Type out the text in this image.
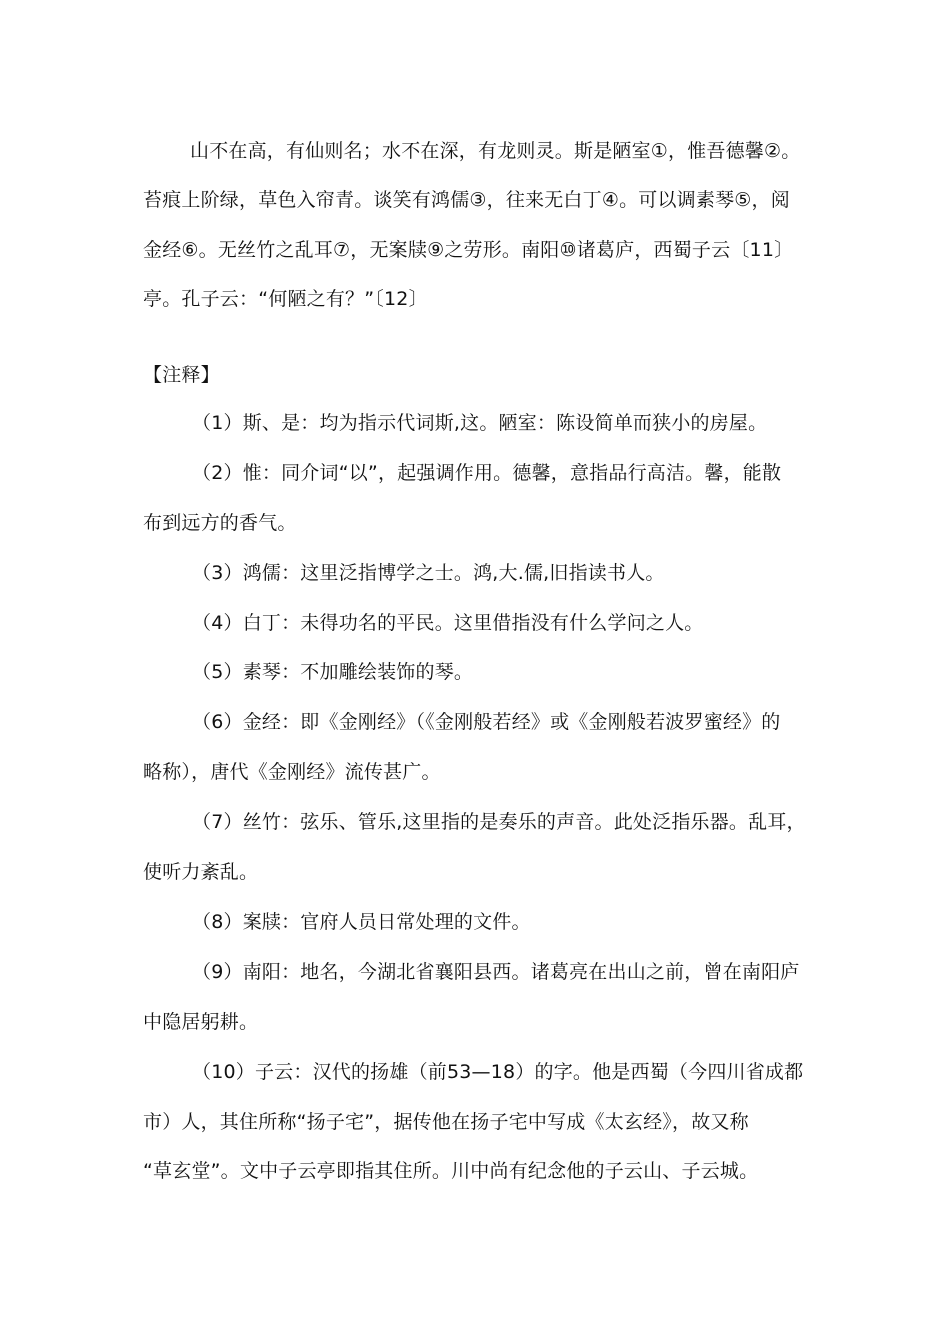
山不在高，有仙则名；水不在深，有龙则灵。斯是陋室①，惟吾德馨②。
苔痕上阶绿，草色入帘青。谈笑有鸿儒③，往来无白丁④。可以调素琴⑤，阅
金经⑥。无丝竹之乱耳⑦，无案牍⑨之劳形。南阳⑩诸葛庐，西蜀子云〔11〕
亭。孔子云：“何陋之有？”〔12〕
【注释】
（1）斯、是：均为指示代词斯,这。陋室：陈设简单而狭小的房屋。
（2）惟：同介词“以”，起强调作用。德馨，意指品行高洁。馨，能散
布到远方的香气。
（3）鸿儒：这里泛指博学之士。鸿,大.儒,旧指读书人。
（4）白丁：未得功名的平民。这里借指没有什么学问之人。
（5）素琴：不加雕绘装饰的琴。
（6）金经：即《金刚经》（《金刚般若经》或《金刚般若波罗蜜经》的
略称），唐代《金刚经》流传甚广。
（7）丝竹：弦乐、管乐,这里指的是奏乐的声音。此处泛指乐器。乱耳，
使听力紊乱。
（8）案牍：官府人员日常处理的文件。
（9）南阳：地名，今湖北省襄阳县西。诸葛亮在出山之前，曾在南阳庐
中隐居躬耕。
（10）子云：汉代的扬雄（前53—18）的字。他是西蜀（今四川省成都
市）人，其住所称“扬子宅”，据传他在扬子宅中写成《太玄经》，故又称
“草玄堂”。文中子云亭即指其住所。川中尚有纪念他的子云山、子云城。
